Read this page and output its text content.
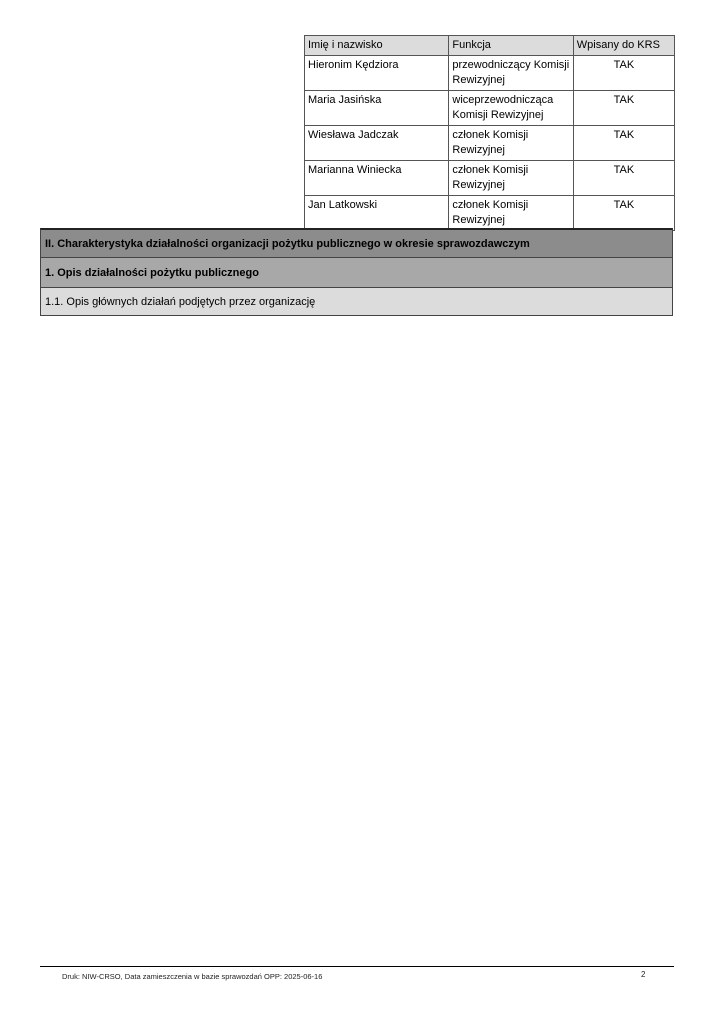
Imię i nazwisko	Funkcja	Wpisany do KRS
Hieronim Kędziora	przewodniczący Komisji Rewizyjnej	TAK
Maria Jasińska	wiceprzewodnicząca Komisji Rewizyjnej	TAK
Wiesława Jadczak	członek Komisji Rewizyjnej	TAK
Marianna Winiecka	członek Komisji Rewizyjnej	TAK
Jan Latkowski	członek Komisji Rewizyjnej	TAK
II. Charakterystyka działalności organizacji pożytku publicznego w okresie sprawozdawczym
1. Opis działalności pożytku publicznego
1.1. Opis głównych działań podjętych przez organizację
Druk: NIW-CRSO, Data zamieszczenia w bazie sprawozdań OPP: 2025-06-16	2
